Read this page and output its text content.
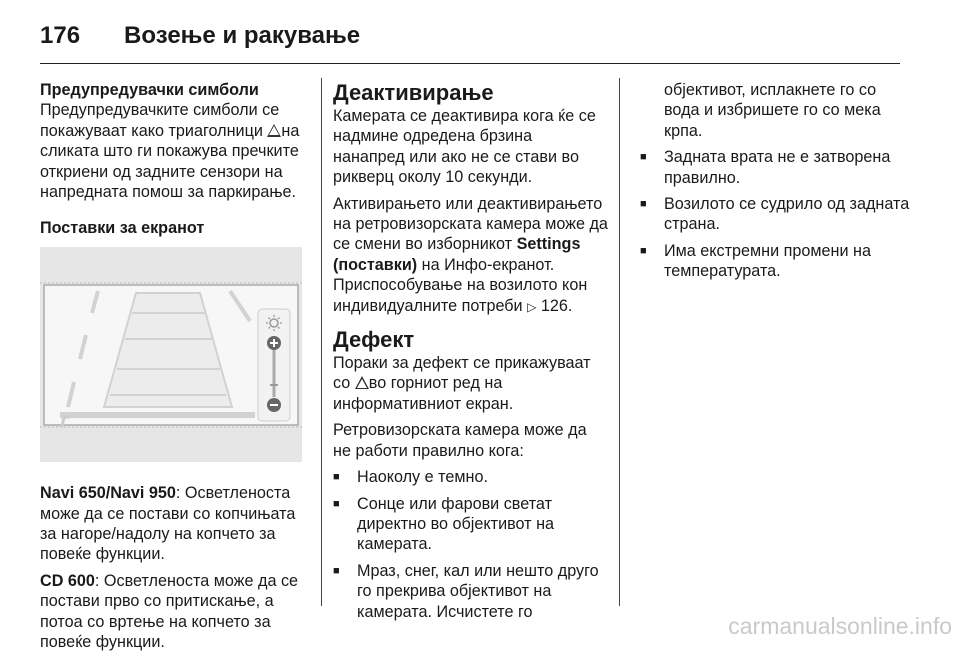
176 Возење и ракување

Предупредувачки симболи

Предупредувачките симболи се покажуваат како триаголници на сликата што ги покажува пречките откриени од задните сензори на напредната помош за паркирање.

Поставки за екранот

Navi 650/Navi 950: Осветленоста може да се постави со копчињата за нагоре/надолу на копчето за повеќе функции.

CD 600: Осветленоста може да се постави прво со притискање, а потоа со вртење на копчето за повеќе функции.

Деактивирање

Камерата се деактивира кога ќе се надмине одредена брзина нанапред или ако не се стави во рикверц околу 10 секунди.

Активирањето или деактивирањето на ретровизорската камера може да се смени во изборникот Settings (поставки) на Инфо-екранот. Приспособување на возилото кон индивидуалните потреби ▷ 126.

Дефект

Пораки за дефект се прикажуваат со во горниот ред на информативниот екран.

Ретровизорската камера може да не работи правилно кога:

■ Наоколу е темно.
■ Сонце или фарови светат директно во објективот на камерата.
■ Мраз, снег, кал или нешто друго го прекрива објективот на камерата. Исчистете го
објективот, исплакнете го со вода и избришете го со мека крпа.
■ Задната врата не е затворена правилно.
■ Возилото се судрило од задната страна.
■ Има екстремни промени на температурата.
carmanualsonline.info
